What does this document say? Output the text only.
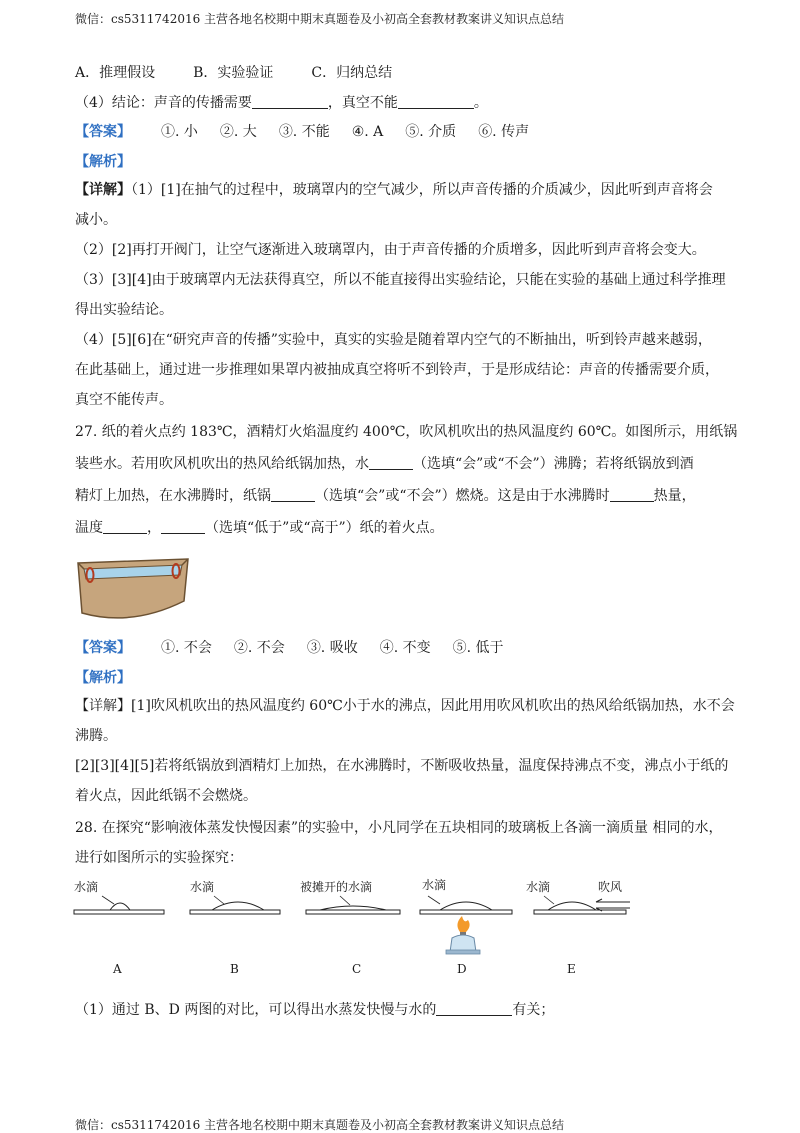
微信：cs5311742016 主营各地名校期中期末真题卷及小初高全套教材教案讲义知识点总结
A．推理假设	B．实验验证	C．归纳总结
（4）结论：声音的传播需要	，真空不能	。
【答案】 ①. 小 ②. 大 ③. 不能 ④. A ⑤. 介质 ⑥. 传声
【解析】
【详解】（1）[1]在抽气的过程中，玻璃罩内的空气减少，所以声音传播的介质减少，因此听到声音将会
减小。
（2）[2]再打开阀门，让空气逐渐进入玻璃罩内，由于声音传播的介质增多，因此听到声音将会变大。
（3）[3][4]由于玻璃罩内无法获得真空，所以不能直接得出实验结论，只能在实验的基础上通过科学推理
得出实验结论。
（4）[5][6]在“研究声音的传播”实验中，真实的实验是随着罩内空气的不断抽出，听到铃声越来越弱，
在此基础上，通过进一步推理如果罩内被抽成真空将听不到铃声，于是形成结论：声音的传播需要介质，
真空不能传声。
27. 纸的着火点约 183℃，酒精灯火焰温度约 400℃，吹风机吹出的热风温度约 60℃。如图所示，用纸锅
装些水。若用吹风机吹出的热风给纸锅加热，水	（选填“会”或“不会”）沸腾；若将纸锅放到酒
精灯上加热，在水沸腾时，纸锅	（选填“会”或“不会”）燃烧。这是由于水沸腾时	热量，
温度	，	（选填“低于”或“高于”）纸的着火点。
【答案】 ①. 不会 ②. 不会 ③. 吸收 ④. 不变 ⑤. 低于
【解析】
【详解】[1]吹风机吹出的热风温度约 60℃小于水的沸点，因此用用吹风机吹出的热风给纸锅加热，水不会
沸腾。
[2][3][4][5]若将纸锅放到酒精灯上加热，在水沸腾时，不断吸收热量，温度保持沸点不变，沸点小于纸的
着火点，因此纸锅不会燃烧。
28. 在探究“影响液体蒸发快慢因素”的实验中，小凡同学在五块相同的玻璃板上各滴一滴质量 相同的水，
进行如图所示的实验探究：
（1）通过 B、D 两图的对比，可以得出水蒸发快慢与水的	有关；
水滴	水滴	被摊开的水滴	水滴	水滴	吹风
A	B	C	D	E
微信：cs5311742016 主营各地名校期中期末真题卷及小初高全套教材教案讲义知识点总结
